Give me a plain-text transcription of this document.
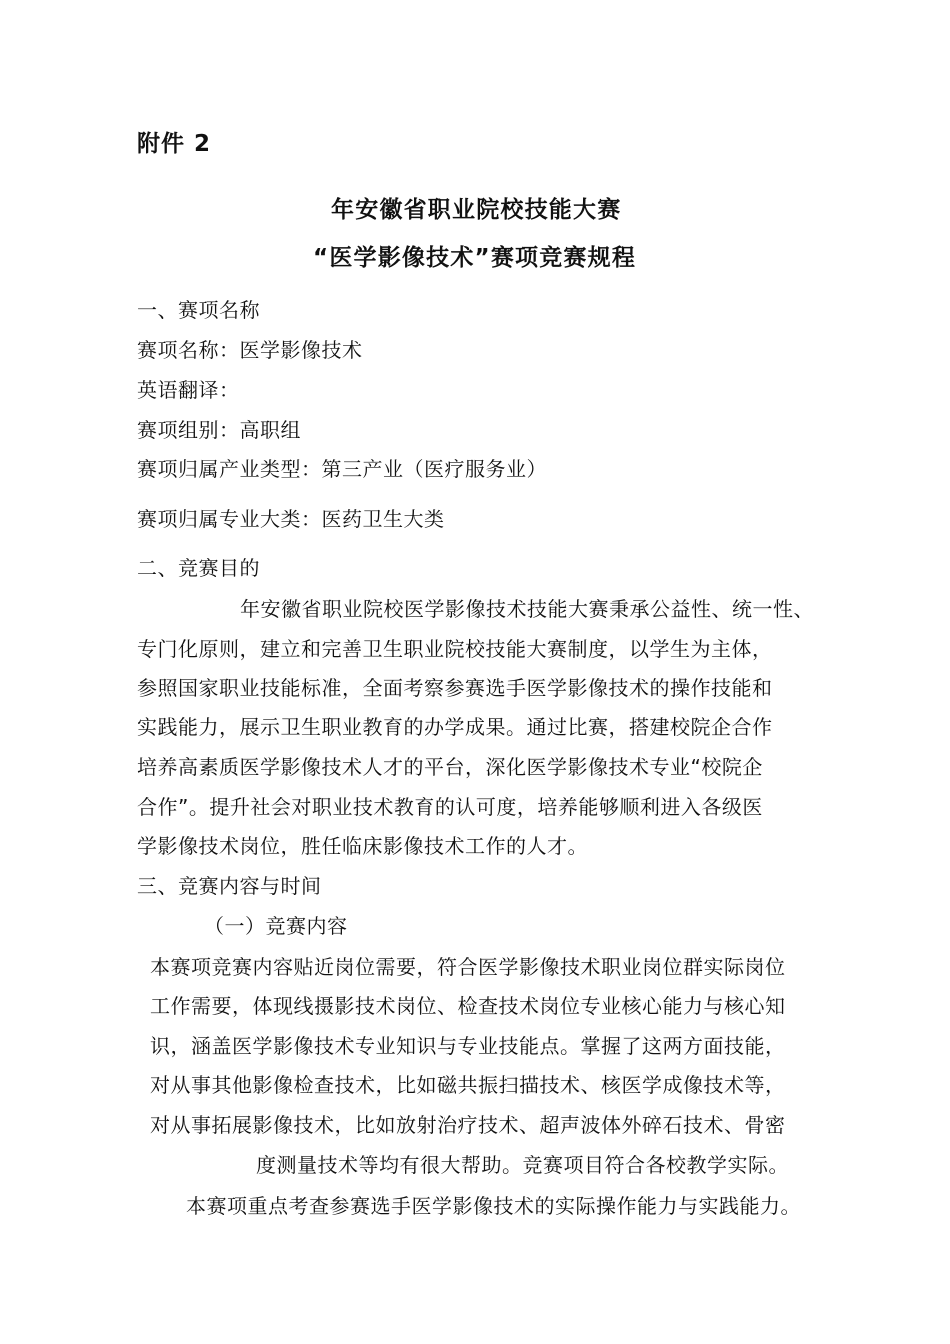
附件 2
年安徽省职业院校技能大赛
“医学影像技术”赛项竞赛规程
一、赛项名称
赛项名称：医学影像技术
英语翻译：
赛项组别：高职组
赛项归属产业类型：第三产业（医疗服务业）
赛项归属专业大类：医药卫生大类
二、竞赛目的
年安徽省职业院校医学影像技术技能大赛秉承公益性、统一性、
专门化原则，建立和完善卫生职业院校技能大赛制度，以学生为主体，
参照国家职业技能标准，全面考察参赛选手医学影像技术的操作技能和
实践能力，展示卫生职业教育的办学成果。通过比赛，搭建校院企合作
培养高素质医学影像技术人才的平台，深化医学影像技术专业“校院企
合作”。提升社会对职业技术教育的认可度，培养能够顺利进入各级医
学影像技术岗位，胜任临床影像技术工作的人才。
三、竞赛内容与时间
（一）竞赛内容
本赛项竞赛内容贴近岗位需要，符合医学影像技术职业岗位群实际岗位
工作需要，体现线摄影技术岗位、检查技术岗位专业核心能力与核心知
识，涵盖医学影像技术专业知识与专业技能点。掌握了这两方面技能，
对从事其他影像检查技术，比如磁共振扫描技术、核医学成像技术等，
对从事拓展影像技术，比如放射治疗技术、超声波体外碎石技术、骨密
度测量技术等均有很大帮助。竞赛项目符合各校教学实际。
本赛项重点考查参赛选手医学影像技术的实际操作能力与实践能力。
